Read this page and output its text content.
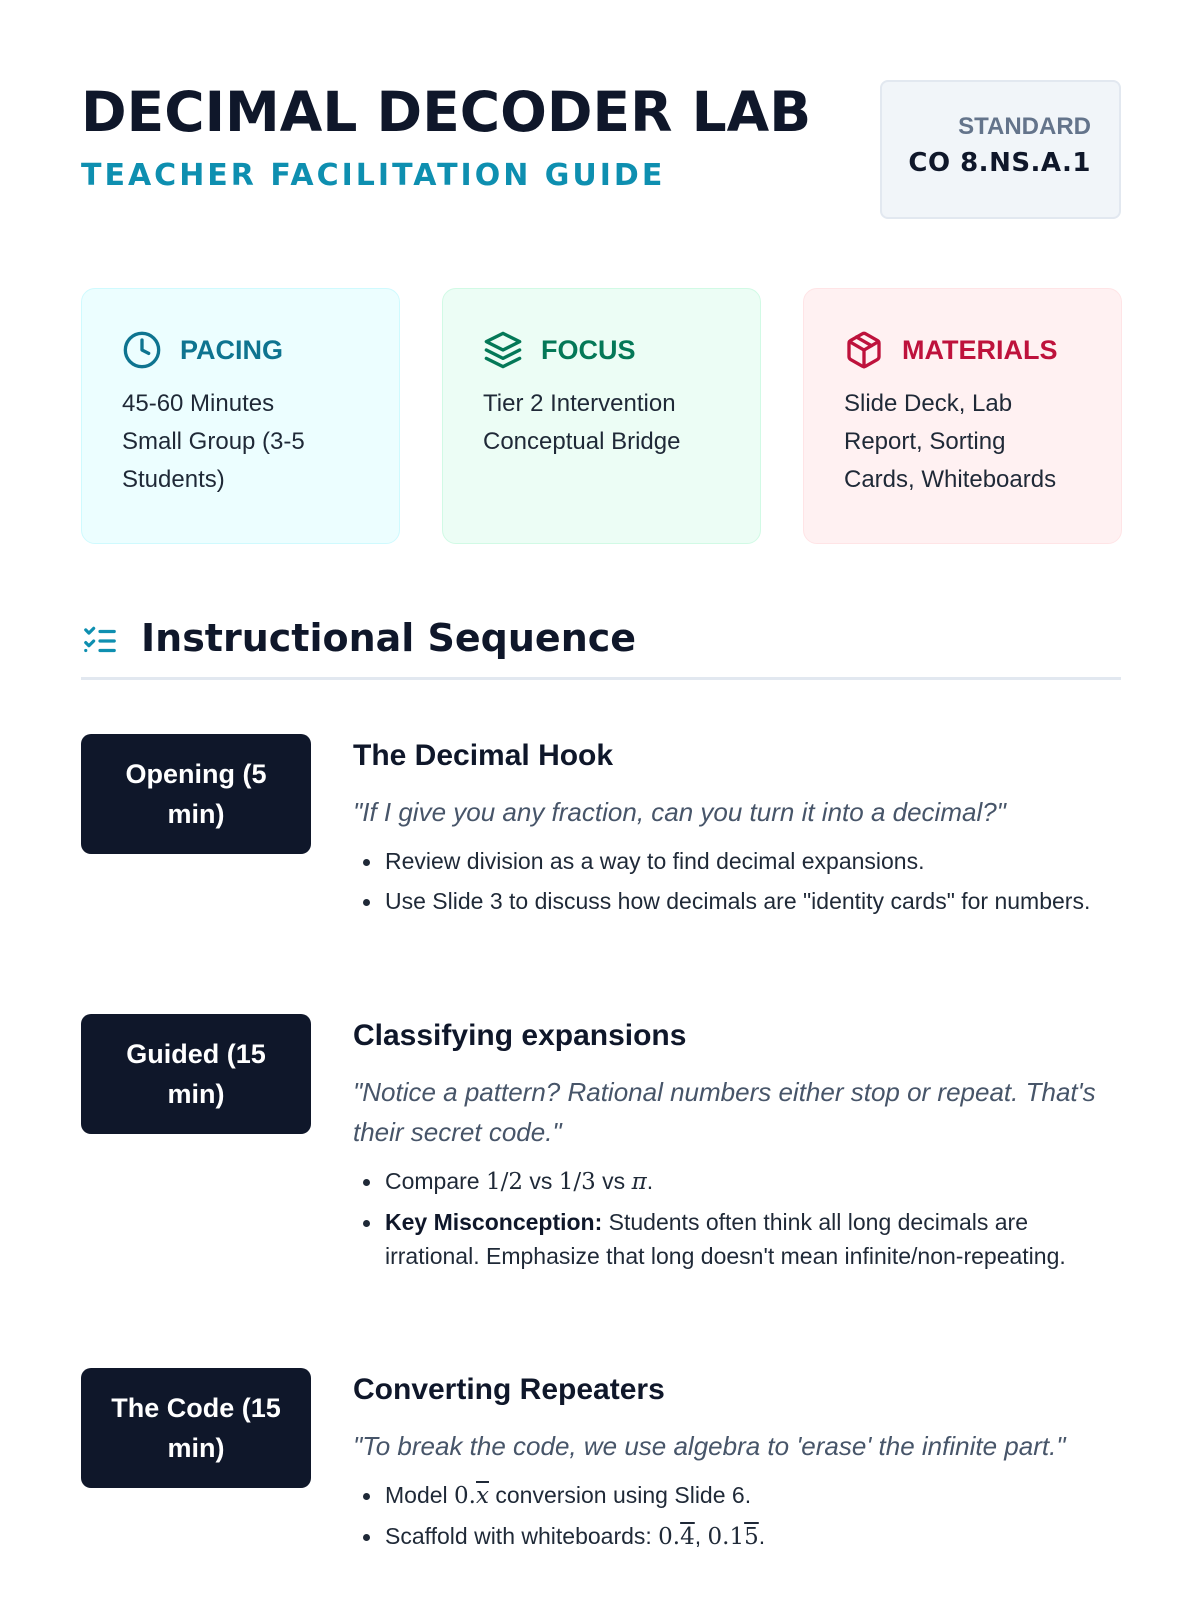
DECIMAL DECODER LAB
TEACHER FACILITATION GUIDE
STANDARD
CO 8.NS.A.1
PACING
45-60 Minutes
Small Group (3-5
Students)
FOCUS
Tier 2 Intervention
Conceptual Bridge
MATERIALS
Slide Deck, Lab
Report, Sorting
Cards, Whiteboards
Instructional Sequence
Opening (5 min)
The Decimal Hook
"If I give you any fraction, can you turn it into a decimal?"
Review division as a way to find decimal expansions.
Use Slide 3 to discuss how decimals are "identity cards" for numbers.
Guided (15 min)
Classifying expansions
"Notice a pattern? Rational numbers either stop or repeat. That's their secret code."
Compare 1/2 vs 1/3 vs π.
Key Misconception: Students often think all long decimals are irrational. Emphasize that long doesn't mean infinite/non-repeating.
The Code (15 min)
Converting Repeaters
"To break the code, we use algebra to 'erase' the infinite part."
Model $0.\overline{x}$ conversion using Slide 6.
Scaffold with whiteboards: 0.4, 0.15.
